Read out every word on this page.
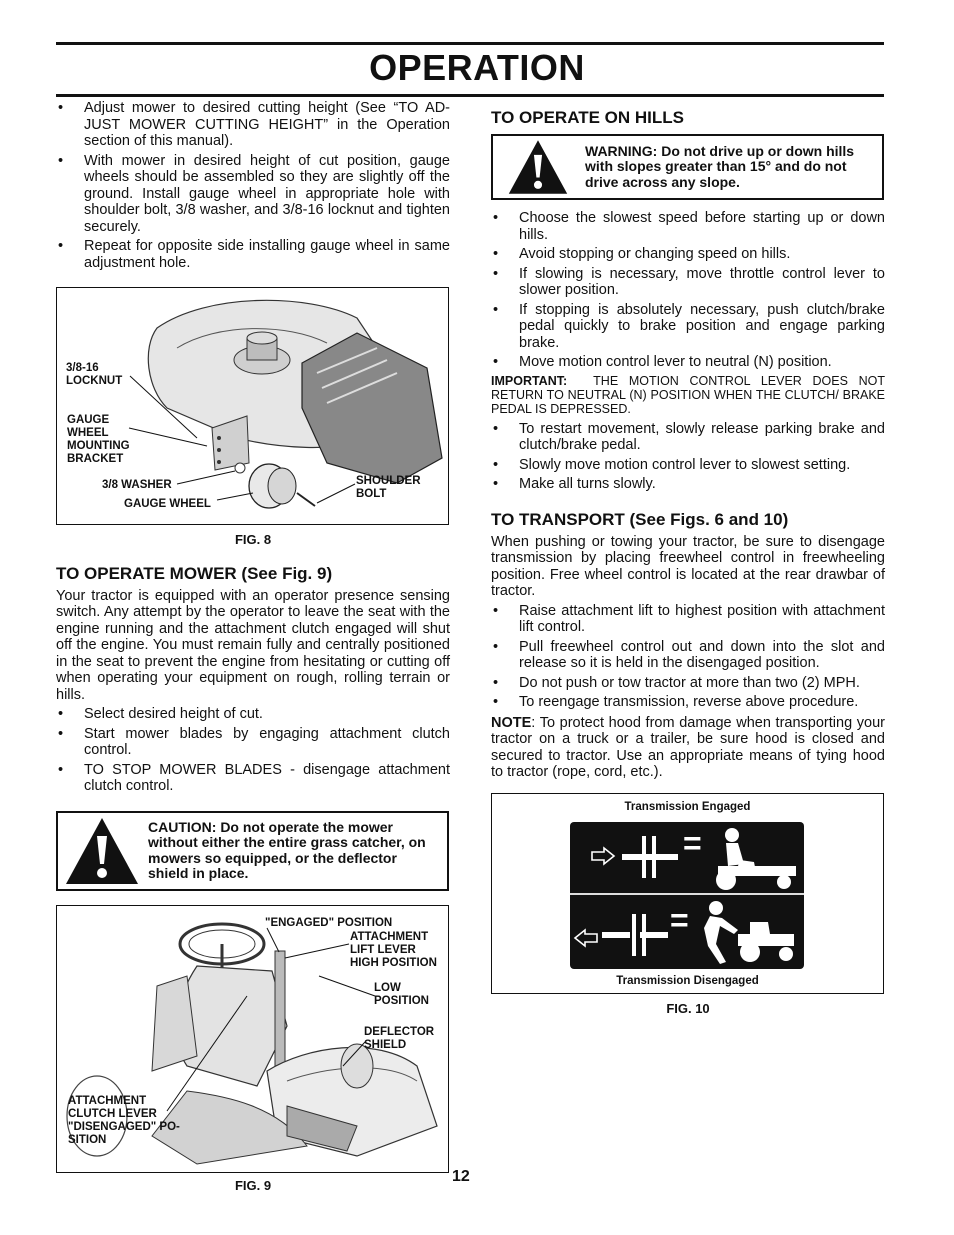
OPERATION
• Adjust mower to desired cutting height (See “TO AD-JUST MOWER CUTTING HEIGHT” in the Operation section of this manual).
• With mower in desired height of cut position, gauge wheels should be assembled so they are slightly off the ground. Install gauge wheel in appropriate hole with shoulder bolt, 3/8 washer, and 3/8-16 locknut and tighten securely.
• Repeat for opposite side installing gauge wheel in same adjustment hole.
3/8-16
LOCKNUT
GAUGE
WHEEL
MOUNTING
BRACKET
3/8 WASHER
GAUGE WHEEL
SHOULDER
BOLT
FIG. 8
TO OPERATE MOWER (See Fig. 9)

Your tractor is equipped with an operator presence sensing switch. Any attempt by the operator to leave the seat with the engine running and the attachment clutch engaged will shut off the engine. You must remain fully and centrally positioned in the seat to prevent the engine from hesitating or cutting off when operating your equipment on rough, rolling terrain or hills.

• Select desired height of cut.
• Start mower blades by engaging attachment clutch control.
• TO STOP MOWER BLADES - disengage attachment clutch control.
CAUTION: Do not operate the mower without either the entire grass catcher, on mowers so equipped, or the deflector shield in place.
"ENGAGED" POSITION
ATTACHMENT
LIFT LEVER
HIGH POSITION
LOW
POSITION
DEFLECTOR
SHIELD
ATTACHMENT
CLUTCH LEVER
"DISENGAGED" PO-
SITION
FIG. 9
TO OPERATE ON HILLS
WARNING: Do not drive up or down hills with slopes greater than 15° and do not drive across any slope.
• Choose the slowest speed before starting up or down hills.
• Avoid stopping or changing speed on hills.
• If slowing is necessary, move throttle control lever to slower position.
• If stopping is absolutely necessary, push clutch/brake pedal quickly to brake position and engage parking brake.
• Move motion control lever to neutral (N) position.

IMPORTANT: THE MOTION CONTROL LEVER DOES NOT RETURN TO NEUTRAL (N) POSITION WHEN THE CLUTCH/ BRAKE PEDAL IS DEPRESSED.

• To restart movement, slowly release parking brake and clutch/brake pedal.
• Slowly move motion control lever to slowest setting.
• Make all turns slowly.
TO TRANSPORT (See Figs. 6 and 10)

When pushing or towing your tractor, be sure to disengage transmission by placing freewheel control in freewheeling position. Free wheel control is located at the rear drawbar of tractor.

• Raise attachment lift to highest position with attachment lift control.
• Pull freewheel control out and down into the slot and release so it is held in the disengaged position.
• Do not push or tow tractor at more than two (2) MPH.
• To reengage transmission, reverse above procedure.

NOTE: To protect hood from damage when transporting your tractor on a truck or a trailer, be sure hood is closed and secured to tractor. Use an appropriate means of tying hood to tractor (rope, cord, etc.).

Transmission Engaged
=
=
Transmission Disengaged
FIG. 10
12
